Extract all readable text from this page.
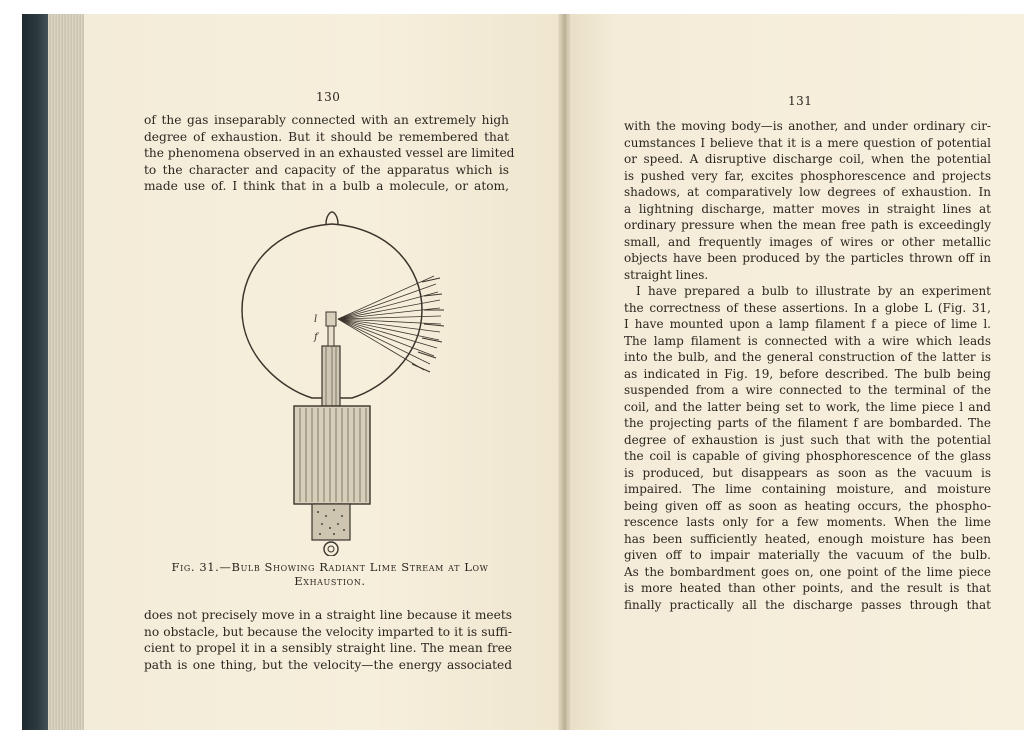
130
of the gas inseparably connected with an extremely high
degree of exhaustion. But it should be remembered that
the phenomena observed in an exhausted vessel are limited
to the character and capacity of the apparatus which is
made use of. I think that in a bulb a molecule, or atom,
l
f
Fig. 31.—Bulb Showing Radiant Lime Stream at Low
Exhaustion.
does not precisely move in a straight line because it meets
no obstacle, but because the velocity imparted to it is suffi-
cient to propel it in a sensibly straight line. The mean free
path is one thing, but the velocity—the energy associated
131
with the moving body—is another, and under ordinary cir-
cumstances I believe that it is a mere question of potential
or speed. A disruptive discharge coil, when the potential
is pushed very far, excites phosphorescence and projects
shadows, at comparatively low degrees of exhaustion. In
a lightning discharge, matter moves in straight lines at
ordinary pressure when the mean free path is exceedingly
small, and frequently images of wires or other metallic
objects have been produced by the particles thrown off in
straight lines.
I have prepared a bulb to illustrate by an experiment
the correctness of these assertions. In a globe L (Fig. 31,
I have mounted upon a lamp filament f a piece of lime l.
The lamp filament is connected with a wire which leads
into the bulb, and the general construction of the latter is
as indicated in Fig. 19, before described. The bulb being
suspended from a wire connected to the terminal of the
coil, and the latter being set to work, the lime piece l and
the projecting parts of the filament f are bombarded. The
degree of exhaustion is just such that with the potential
the coil is capable of giving phosphorescence of the glass
is produced, but disappears as soon as the vacuum is
impaired. The lime containing moisture, and moisture
being given off as soon as heating occurs, the phospho-
rescence lasts only for a few moments. When the lime
has been sufficiently heated, enough moisture has been
given off to impair materially the vacuum of the bulb.
As the bombardment goes on, one point of the lime piece
is more heated than other points, and the result is that
finally practically all the discharge passes through that
